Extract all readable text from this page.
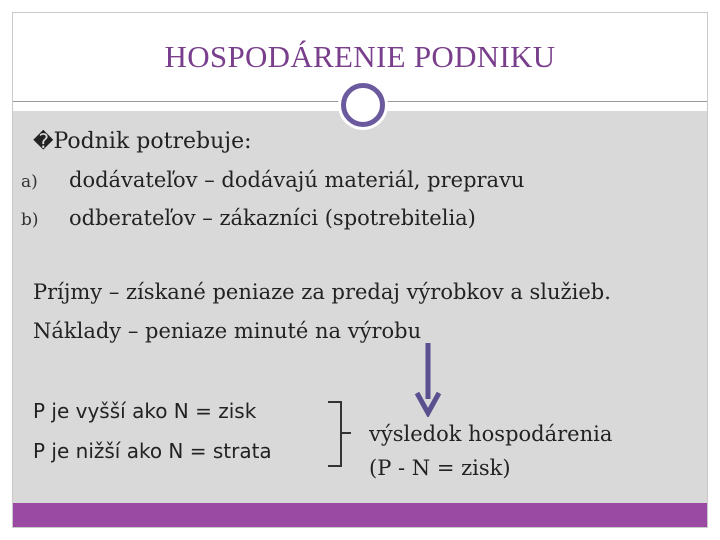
HOSPODÁRENIE PODNIKU
�Podnik potrebuje:
a) dodávateľov – dodávajú materiál, prepravu
b) odberateľov – zákazníci (spotrebitelia)
Príjmy – získané peniaze za predaj výrobkov a služieb.
Náklady – peniaze minuté na výrobu
P je vyšší ako N = zisk
P je nižší ako N = strata
výsledok hospodárenia
(P - N = zisk)
